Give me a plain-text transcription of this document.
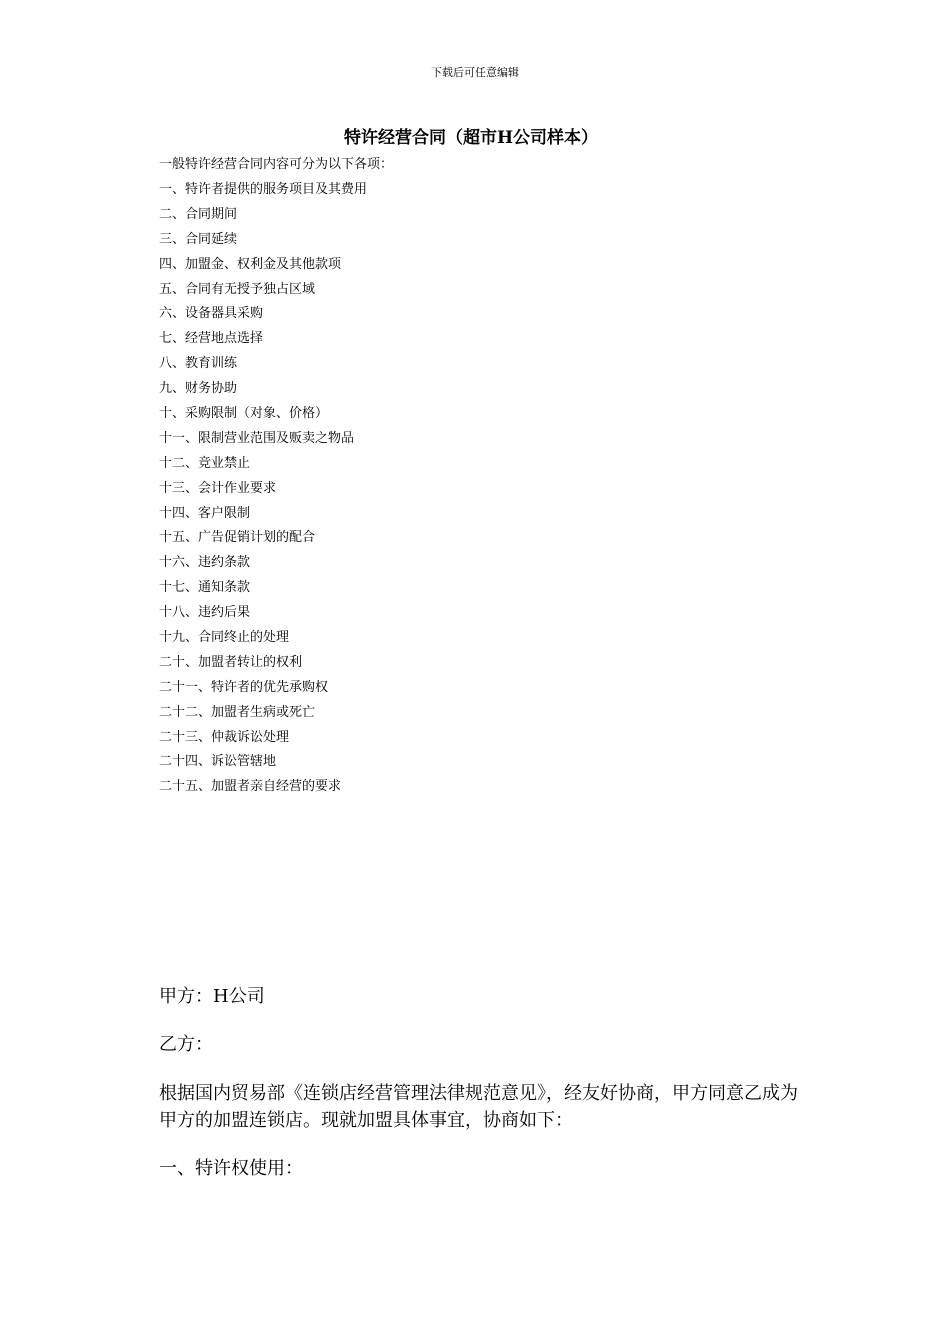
下载后可任意编辑
特许经营合同（超市H公司样本）

一般特许经营合同内容可分为以下各项：

一、特许者提供的服务项目及其费用
二、合同期间
三、合同延续
四、加盟金、权利金及其他款项
五、合同有无授予独占区域
六、设备器具采购
七、经营地点选择
八、教育训练
九、财务协助
十、采购限制（对象、价格）
十一、限制营业范围及贩卖之物品
十二、竞业禁止
十三、会计作业要求
十四、客户限制
十五、广告促销计划的配合
十六、违约条款
十七、通知条款
十八、违约后果
十九、合同终止的处理
二十、加盟者转让的权利
二十一、特许者的优先承购权
二十二、加盟者生病或死亡
二十三、仲裁诉讼处理
二十四、诉讼管辖地
二十五、加盟者亲自经营的要求

甲方：H公司

乙方：

根据国内贸易部《连锁店经营管理法律规范意见》，经友好协商，甲方同意乙成为甲方的加盟连锁店。现就加盟具体事宜，协商如下：

一、特许权使用：
